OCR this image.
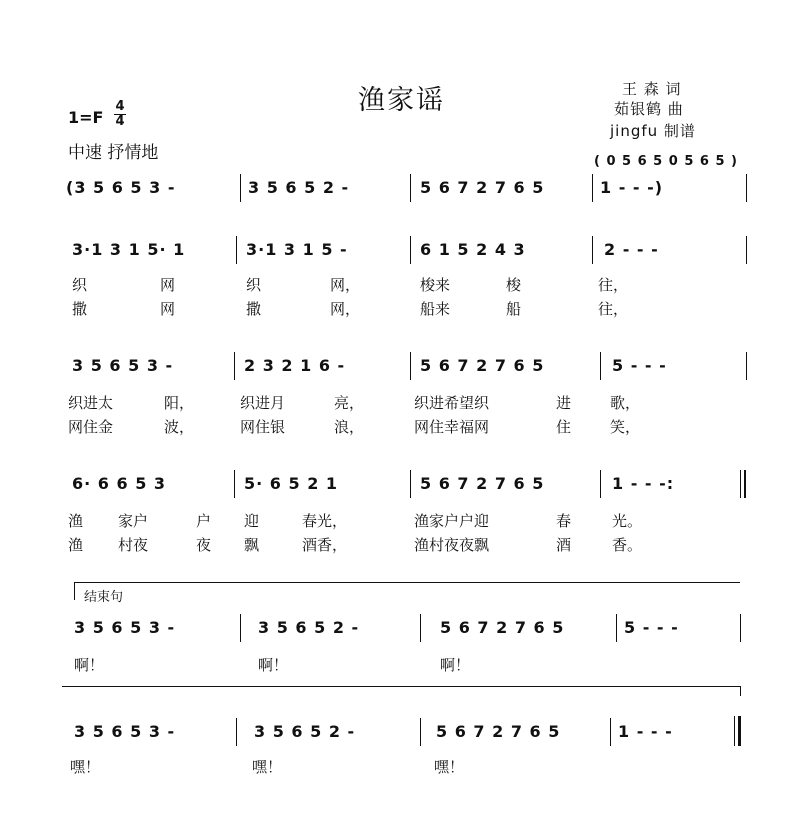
渔家谣	王 森 词
茹银鹤 曲
jingfu 制谱
$1=F \frac{4}{4}$
中速 抒情地	( 0 5 6 5 0 5 6 5 )
(3 5 6 5 3 -	3 5 6 5 2 -	5 6 7 2 7 6 5	1 - - -)
3·1 3 1 5· 1	3·1 3 1 5 -	6 1 5 2 4 3	2 - - -
织	网	织	网，	梭来	梭	往，
撒	网	撒	网，	船来	船	往，
3 5 6 5 3 -	2 3 2 1 6 -	5 6 7 2 7 6 5	5 - - -
织进太	阳，	织进月	亮，	织进希望织	进	歌，
网住金	波，	网住银	浪，	网住幸福网	住	笑，
6· 6 6 5 3	5· 6 5 2 1	5 6 7 2 7 6 5	1 - - -:
渔 家户	户 迎	春光，	渔家户户迎	春	光。
渔 村夜	夜 飘	酒香，	渔村夜夜飘	酒	香。
结束句
3 5 6 5 3 -	3 5 6 5 2 -	5 6 7 2 7 6 5	5 - - -
啊！	啊！	啊！
3 5 6 5 3 -	3 5 6 5 2 -	5 6 7 2 7 6 5	1 - - -
嘿！	嘿！	嘿！
